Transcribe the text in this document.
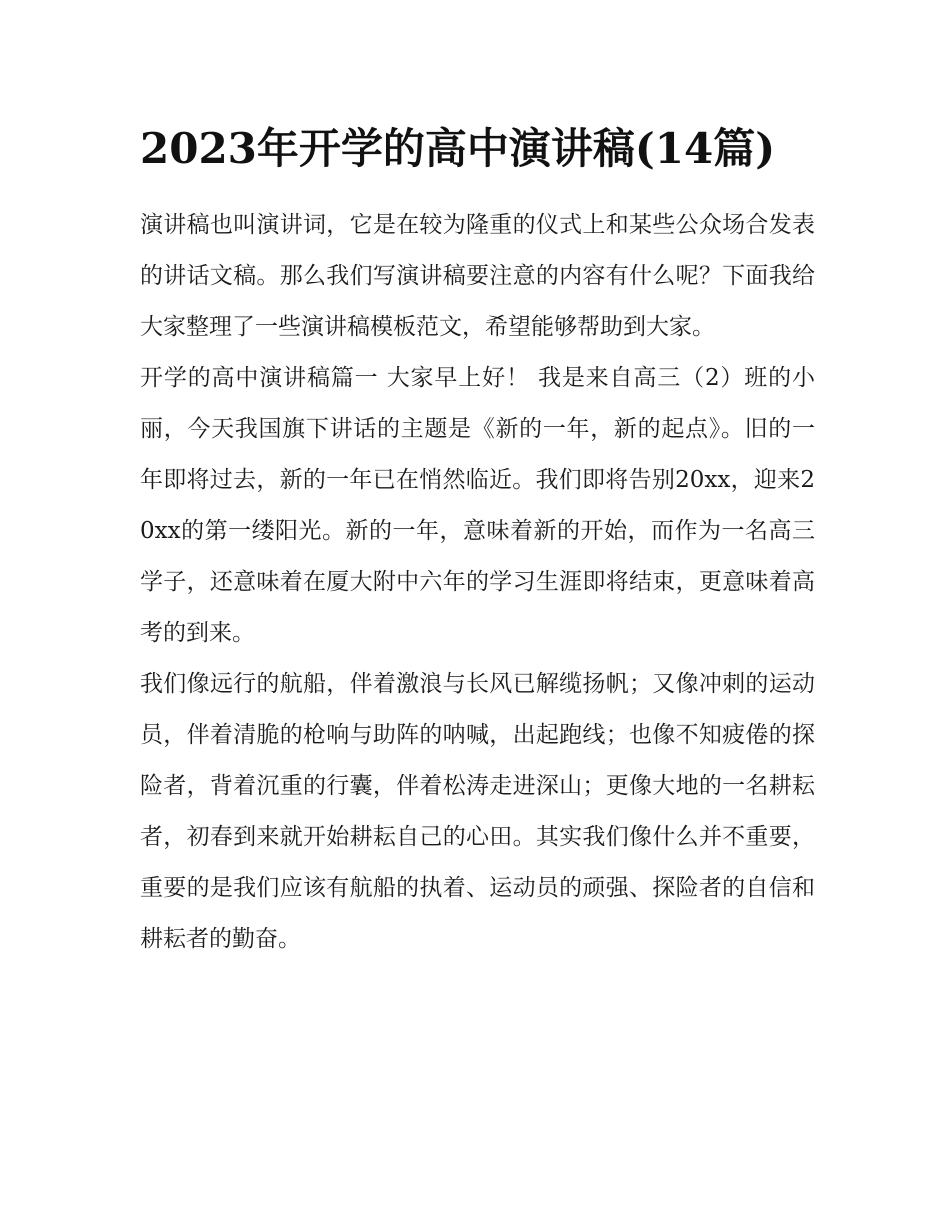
2023年开学的高中演讲稿(14篇)

演讲稿也叫演讲词，它是在较为隆重的仪式上和某些公众场合发表的讲话文稿。那么我们写演讲稿要注意的内容有什么呢？下面我给大家整理了一些演讲稿模板范文，希望能够帮助到大家。

开学的高中演讲稿篇一 大家早上好！ 我是来自高三（2）班的小丽，今天我国旗下讲话的主题是《新的一年，新的起点》。旧的一年即将过去，新的一年已在悄然临近。我们即将告别20xx，迎来20xx的第一缕阳光。新的一年，意味着新的开始，而作为一名高三学子，还意味着在厦大附中六年的学习生涯即将结束，更意味着高考的到来。

我们像远行的航船，伴着激浪与长风已解缆扬帆；又像冲刺的运动员，伴着清脆的枪响与助阵的呐喊，出起跑线；也像不知疲倦的探险者，背着沉重的行囊，伴着松涛走进深山；更像大地的一名耕耘者，初春到来就开始耕耘自己的心田。其实我们像什么并不重要，重要的是我们应该有航船的执着、运动员的顽强、探险者的自信和耕耘者的勤奋。
